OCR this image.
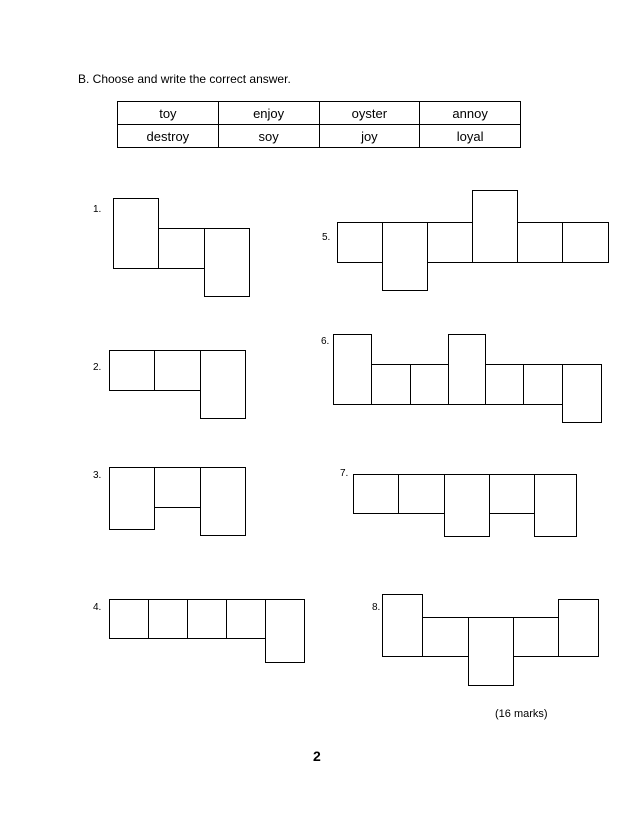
B. Choose and write the correct answer.
toy	enjoy	oyster	annoy
destroy	soy	joy	loyal
1.
2.
3.
4.
5.
6.
7.
8.
(16 marks)
2
